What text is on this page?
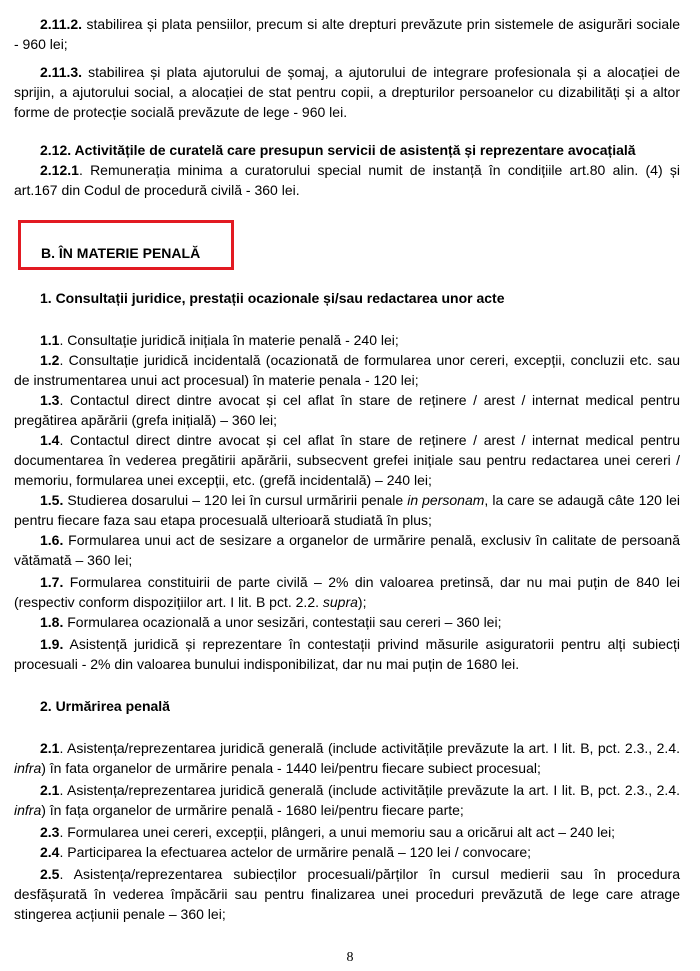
2.11.2. stabilirea și plata pensiilor, precum si alte drepturi prevăzute prin sistemele de asigurări sociale - 960 lei;

2.11.3. stabilirea și plata ajutorului de șomaj, a ajutorului de integrare profesionala și a alocației de sprijin, a ajutorului social, a alocației de stat pentru copii, a drepturilor persoanelor cu dizabilități și a altor forme de protecție socială prevăzute de lege - 960 lei.

2.12. Activitățile de curatelă care presupun servicii de asistență și reprezentare avocațială

2.12.1. Remunerația minima a curatorului special numit de instanță în condițiile art.80 alin. (4) și art.167 din Codul de procedură civilă - 360 lei.

B. ÎN MATERIE PENALĂ
1. Consultații juridice, prestații ocazionale și/sau redactarea unor acte

1.1. Consultație juridică inițiala în materie penală - 240 lei;

1.2. Consultație juridică incidentală (ocazionată de formularea unor cereri, excepții, concluzii etc. sau de instrumentarea unui act procesual) în materie penala - 120 lei;

1.3. Contactul direct dintre avocat și cel aflat în stare de reținere / arest / internat medical pentru pregătirea apărării (grefa inițială) – 360 lei;

1.4. Contactul direct dintre avocat și cel aflat în stare de reținere / arest / internat medical pentru documentarea în vederea pregătirii apărării, subsecvent grefei inițiale sau pentru redactarea unei cereri / memoriu, formularea unei excepții, etc. (grefă incidentală) – 240 lei;

1.5. Studierea dosarului – 120 lei în cursul urmăririi penale in personam, la care se adaugă câte 120 lei pentru fiecare faza sau etapa procesuală ulterioară studiată în plus;

1.6. Formularea unui act de sesizare a organelor de urmărire penală, exclusiv în calitate de persoană vătămată – 360 lei;

1.7. Formularea constituirii de parte civilă – 2% din valoarea pretinsă, dar nu mai puțin de 840 lei (respectiv conform dispozițiilor art. I lit. B pct. 2.2. supra);

1.8. Formularea ocazională a unor sesizări, contestații sau cereri – 360 lei;

1.9. Asistență juridică și reprezentare în contestații privind măsurile asiguratorii pentru alți subiecți procesuali - 2% din valoarea bunului indisponibilizat, dar nu mai puțin de 1680 lei.

2. Urmărirea penală

2.1. Asistența/reprezentarea juridică generală (include activitățile prevăzute la art. I lit. B, pct. 2.3., 2.4. infra) în fata organelor de urmărire penala - 1440 lei/pentru fiecare subiect procesual;

2.1. Asistența/reprezentarea juridică generală (include activitățile prevăzute la art. I lit. B, pct. 2.3., 2.4. infra) în fața organelor de urmărire penală - 1680 lei/pentru fiecare parte;

2.3. Formularea unei cereri, excepții, plângeri, a unui memoriu sau a oricărui alt act – 240 lei;

2.4. Participarea la efectuarea actelor de urmărire penală – 120 lei / convocare;

2.5. Asistența/reprezentarea subiecților procesuali/părților în cursul medierii sau în procedura desfășurată în vederea împăcării sau pentru finalizarea unei proceduri prevăzută de lege care atrage stingerea acțiunii penale – 360 lei;

8
